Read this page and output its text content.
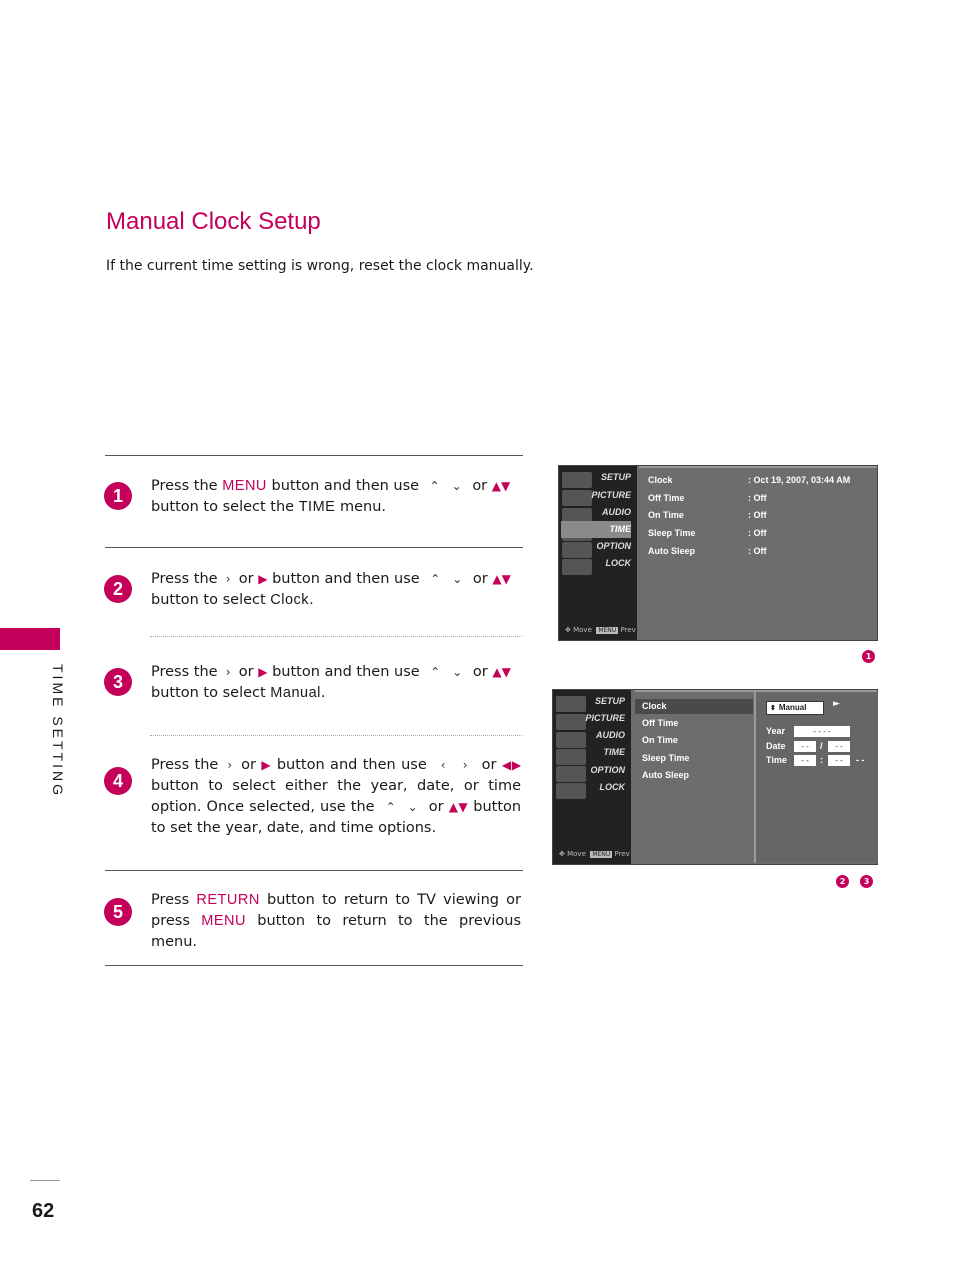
Manual Clock Setup
If the current time setting is wrong, reset the clock manually.
TIME SETTING
62
1	Press the MENU button and then use ⌃ ⌄ or ▲▼
button to select the TIME menu.
2	Press the › or ▶ button and then use ⌃ ⌄ or ▲▼
button to select Clock.
3	Press the › or ▶ button and then use ⌃ ⌄ or ▲▼
button to select Manual.
4
Press the › or ▶ button and then use ‹ › or ◀▶ button to select either the year, date, or time option. Once selected, use the ⌃ ⌄ or ▲▼ button to set the year, date, and time options.
5
Press RETURN button to return to TV viewing or press MENU button to return to the previous menu.
SETUP
PICTURE
AUDIO
TIME
OPTION
LOCK
✥ Move MENU Prev
Clock	: Oct 19, 2007, 03:44 AM
Off Time	: Off
On Time	: Off
Sleep Time	: Off
Auto Sleep	: Off
1
SETUP
PICTURE
AUDIO
TIME
OPTION
LOCK
✥ Move MENU Prev
Clock
Off Time
On Time
Sleep Time
Auto Sleep
⬍ Manual	►
Year	- - - -
Date	- -	/	- -
Time	- -	:	- -	- -
2	3
